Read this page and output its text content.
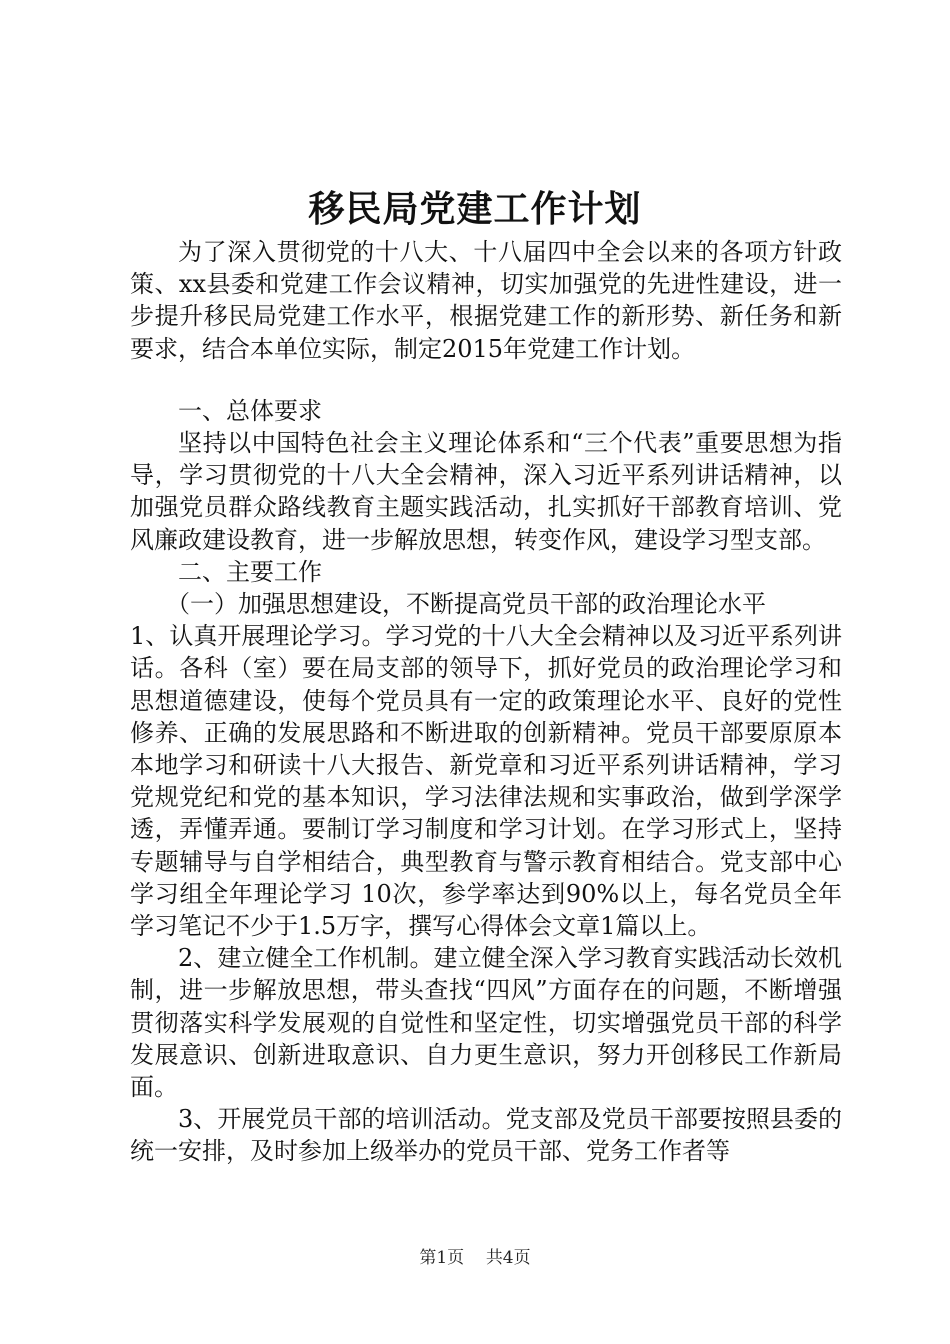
移民局党建工作计划

为了深入贯彻党的十八大、十八届四中全会以来的各项方针政策、xx县委和党建工作会议精神，切实加强党的先进性建设，进一步提升移民局党建工作水平，根据党建工作的新形势、新任务和新要求，结合本单位实际，制定2015年党建工作计划。

一、总体要求

坚持以中国特色社会主义理论体系和“三个代表”重要思想为指导，学习贯彻党的十八大全会精神，深入习近平系列讲话精神，以加强党员群众路线教育主题实践活动，扎实抓好干部教育培训、党风廉政建设教育，进一步解放思想，转变作风，建设学习型支部。

二、主要工作

（一）加强思想建设，不断提高党员干部的政治理论水平

1、认真开展理论学习。学习党的十八大全会精神以及习近平系列讲话。各科（室）要在局支部的领导下，抓好党员的政治理论学习和思想道德建设，使每个党员具有一定的政策理论水平、良好的党性修养、正确的发展思路和不断进取的创新精神。党员干部要原原本本地学习和研读十八大报告、新党章和习近平系列讲话精神，学习党规党纪和党的基本知识，学习法律法规和实事政治，做到学深学透，弄懂弄通。要制订学习制度和学习计划。在学习形式上，坚持专题辅导与自学相结合，典型教育与警示教育相结合。党支部中心学习组全年理论学习 10次，参学率达到90%以上，每名党员全年学习笔记不少于1.5万字，撰写心得体会文章1篇以上。

2、建立健全工作机制。建立健全深入学习教育实践活动长效机制，进一步解放思想，带头查找“四风”方面存在的问题，不断增强贯彻落实科学发展观的自觉性和坚定性，切实增强党员干部的科学发展意识、创新进取意识、自力更生意识，努力开创移民工作新局面。

3、开展党员干部的培训活动。党支部及党员干部要按照县委的统一安排，及时参加上级举办的党员干部、党务工作者等

第1页 共4页
